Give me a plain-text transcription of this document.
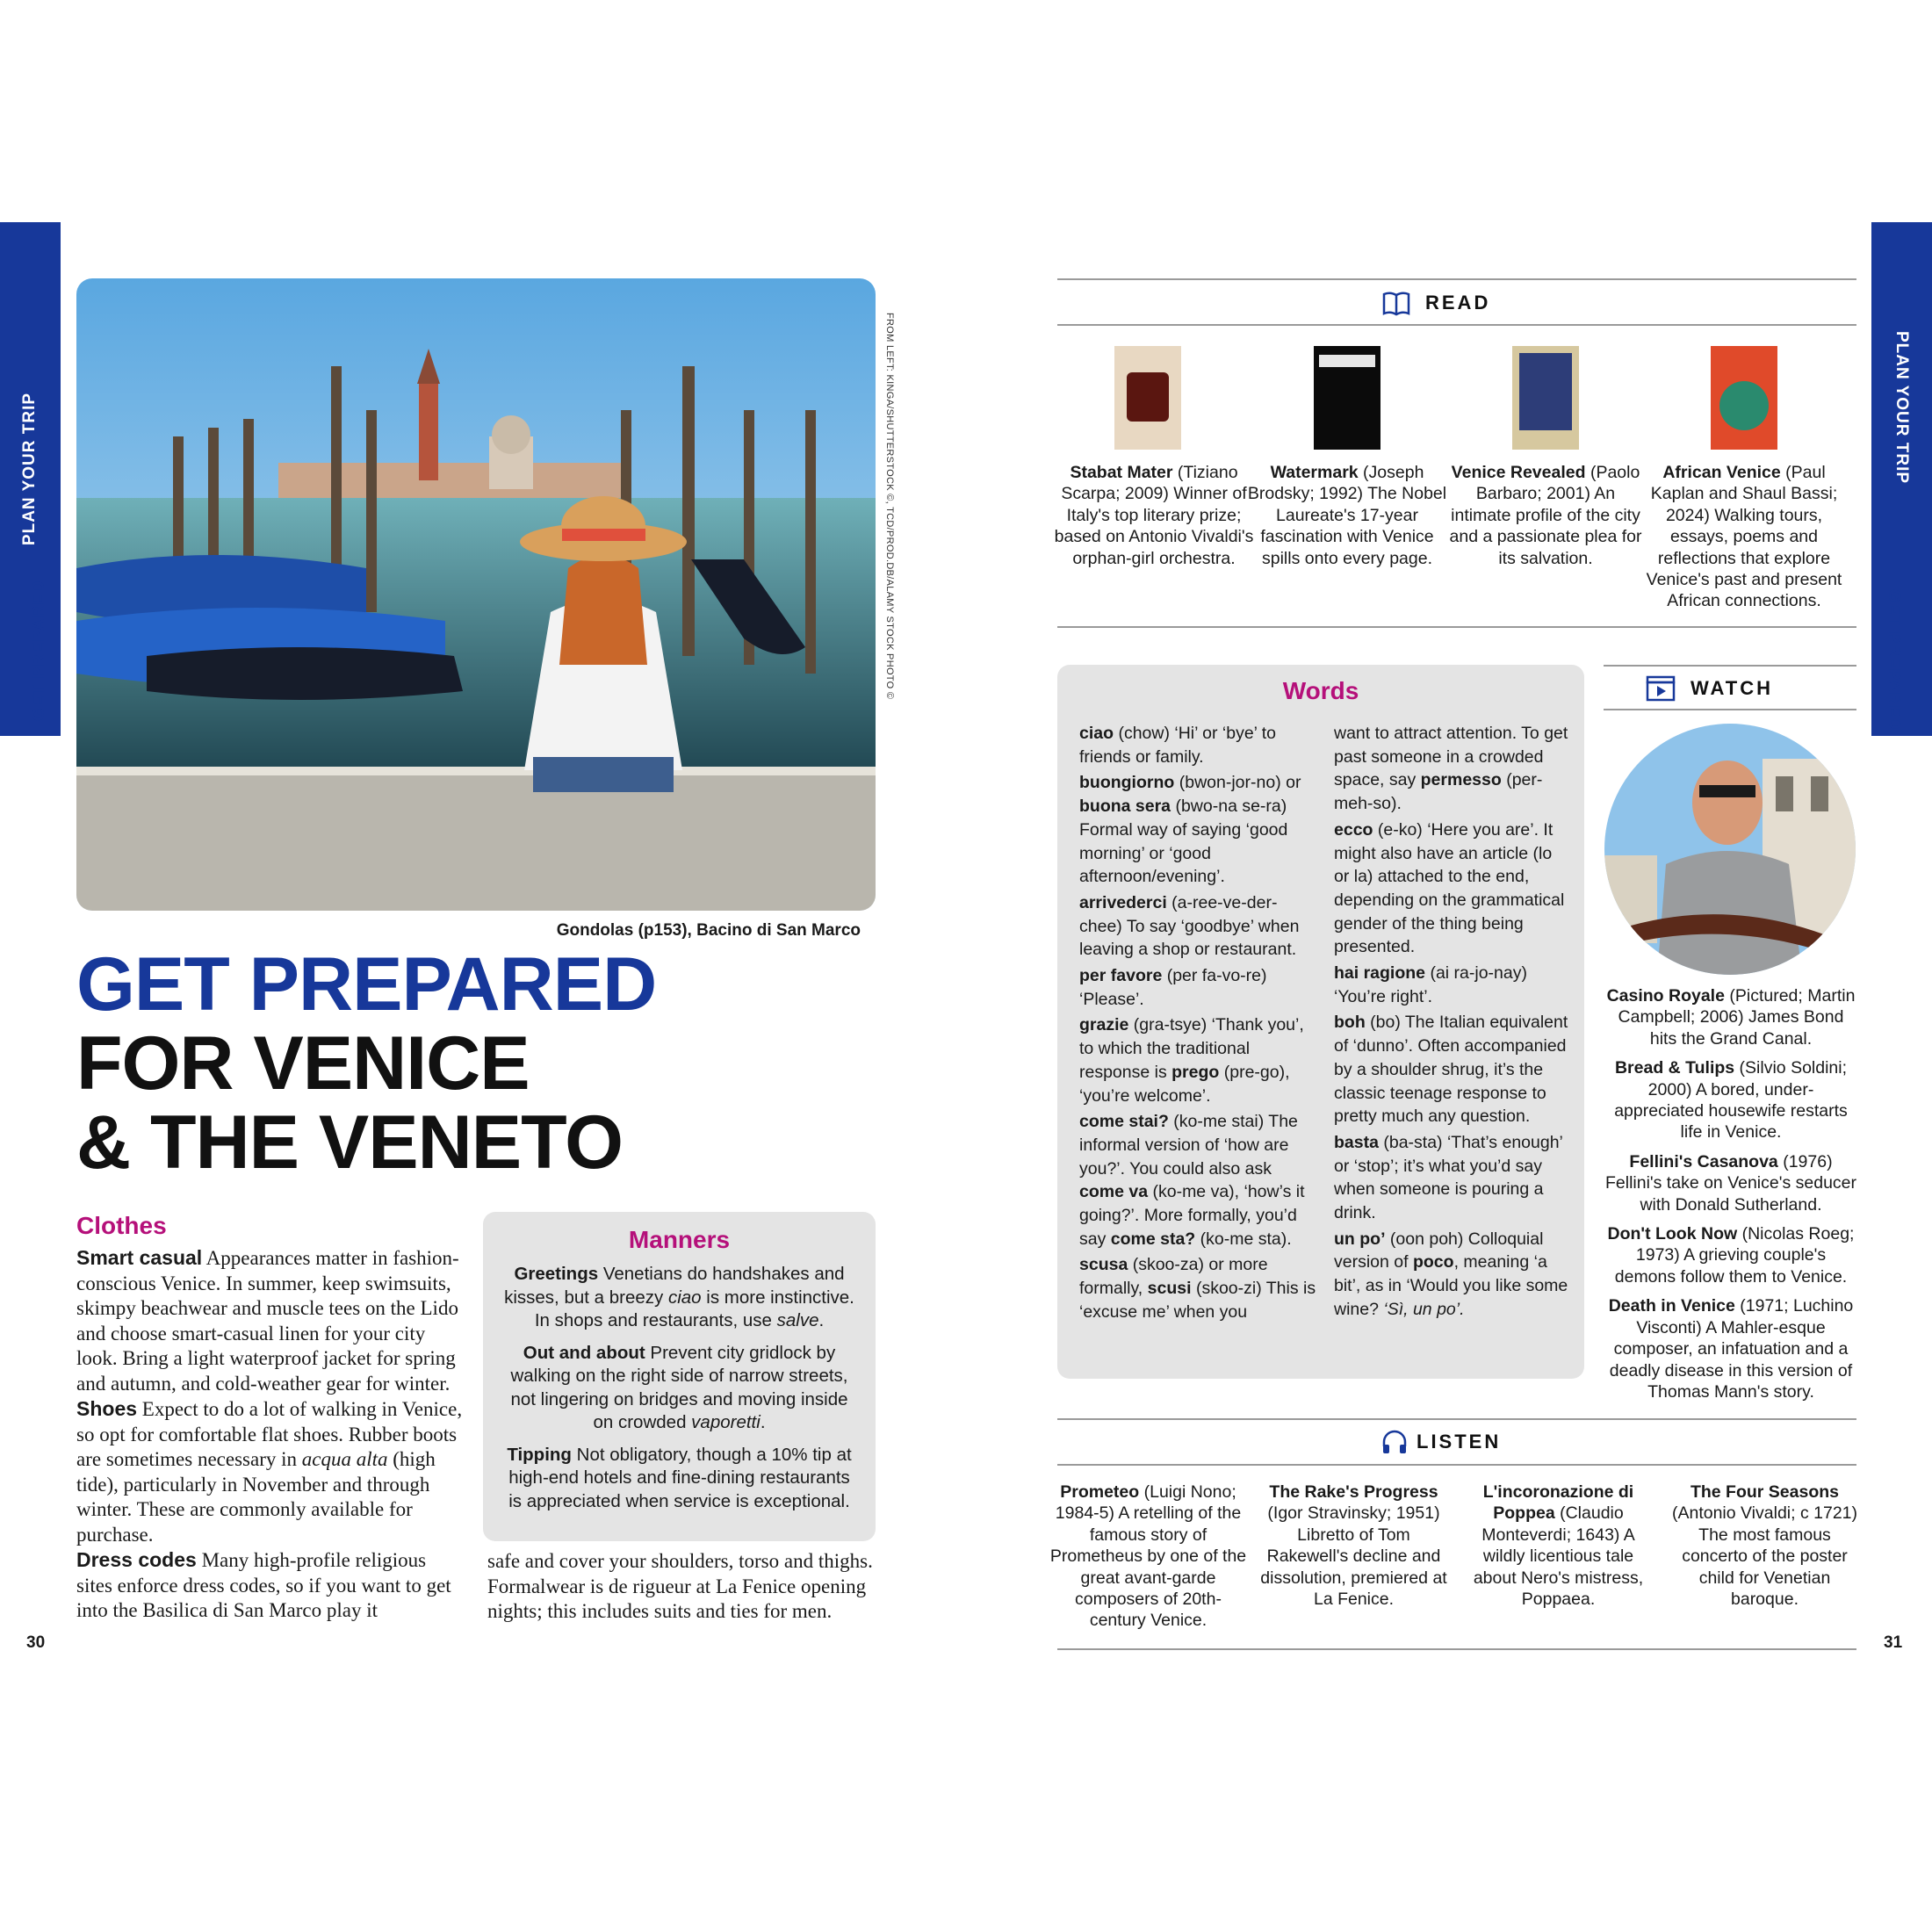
PLAN YOUR TRIP
GET PREPARED	FROM LEFT: KINGA/SHUTTERSTOCK ©, TCD/PROD.DB/ALAMY STOCK PHOTO ©
Gondolas (p153), Bacino di San Marco
GET PREPARED
FOR VENICE
& THE VENETO
Clothes
Smart casual Appearances matter in fashion-conscious Venice. In summer, keep swimsuits, skimpy beachwear and muscle tees on the Lido and choose smart-casual linen for your city look. Bring a light waterproof jacket for spring and autumn, and cold-weather gear for winter.
Shoes Expect to do a lot of walking in Venice, so opt for comfortable flat shoes. Rubber boots are sometimes necessary in acqua alta (high tide), particularly in November and through winter. These are commonly available for purchase.
Dress codes Many high-profile religious sites enforce dress codes, so if you want to get into the Basilica di San Marco play it
Manners
Greetings Venetians do handshakes and kisses, but a breezy ciao is more instinctive. In shops and restaurants, use salve.
Out and about Prevent city gridlock by walking on the right side of narrow streets, not lingering on bridges and moving inside on crowded vaporetti.
Tipping Not obligatory, though a 10% tip at high-end hotels and fine-dining restaurants is appreciated when service is exceptional.
safe and cover your shoulders, torso and thighs. Formalwear is de rigueur at La Fenice opening nights; this includes suits and ties for men.
30
PLAN YOUR TRIP
GET PREPARED
READ
Stabat Mater (Tiziano Scarpa; 2009) Winner of Italy's top literary prize; based on Antonio Vivaldi's orphan-girl orchestra.
Watermark (Joseph Brodsky; 1992) The Nobel Laureate's 17-year fascination with Venice spills onto every page.
Venice Revealed (Paolo Barbaro; 2001) An intimate profile of the city and a passionate plea for its salvation.
African Venice (Paul Kaplan and Shaul Bassi; 2024) Walking tours, essays, poems and reflections that explore Venice's past and present African connections.
Words

ciao (chow) ‘Hi’ or ‘bye’ to friends or family.

buongiorno (bwon-jor-no) or buona sera (bwo-na se-ra) Formal way of saying ‘good morning’ or ‘good afternoon/evening’.

arrivederci (a-ree-ve-der-chee) To say ‘goodbye’ when leaving a shop or restaurant.

per favore (per fa-vo-re) ‘Please’.

grazie (gra-tsye) ‘Thank you’, to which the traditional response is prego (pre-go), ‘you’re welcome’.

come stai? (ko-me stai) The informal version of ‘how are you?’. You could also ask come va (ko-me va), ‘how’s it going?’. More formally, you’d say come sta? (ko-me sta).

scusa (skoo-za) or more formally, scusi (skoo-zi) This is ‘excuse me’ when you

want to attract attention. To get past someone in a crowded space, say permesso (per-meh-so).

ecco (e-ko) ‘Here you are’. It might also have an article (lo or la) attached to the end, depending on the grammatical gender of the thing being presented.

hai ragione (ai ra-jo-nay) ‘You’re right’.

boh (bo) The Italian equivalent of ‘dunno’. Often accompanied by a shoulder shrug, it’s the classic teenage response to pretty much any question.

basta (ba-sta) ‘That’s enough’ or ‘stop’; it’s what you’d say when someone is pouring a drink.

un po’ (oon poh) Colloquial version of poco, meaning ‘a bit’, as in ‘Would you like some wine? ‘Sì, un po’.

WATCH

Casino Royale (Pictured; Martin Campbell; 2006) James Bond hits the Grand Canal.

Bread & Tulips (Silvio Soldini; 2000) A bored, under-appreciated housewife restarts life in Venice.

Fellini's Casanova (1976) Fellini's take on Venice's seducer with Donald Sutherland.

Don't Look Now (Nicolas Roeg; 1973) A grieving couple's demons follow them to Venice.

Death in Venice (1971; Luchino Visconti) A Mahler-esque composer, an infatuation and a deadly disease in this version of Thomas Mann's story.

LISTEN
Prometeo (Luigi Nono; 1984-5) A retelling of the famous story of Prometheus by one of the great avant-garde composers of 20th-century Venice.
The Rake's Progress (Igor Stravinsky; 1951) Libretto of Tom Rakewell's decline and dissolution, premiered at La Fenice.
L'incoronazione di Poppea (Claudio Monteverdi; 1643) A wildly licentious tale about Nero's mistress, Poppaea.
The Four Seasons (Antonio Vivaldi; c 1721) The most famous concerto of the poster child for Venetian baroque.
31
